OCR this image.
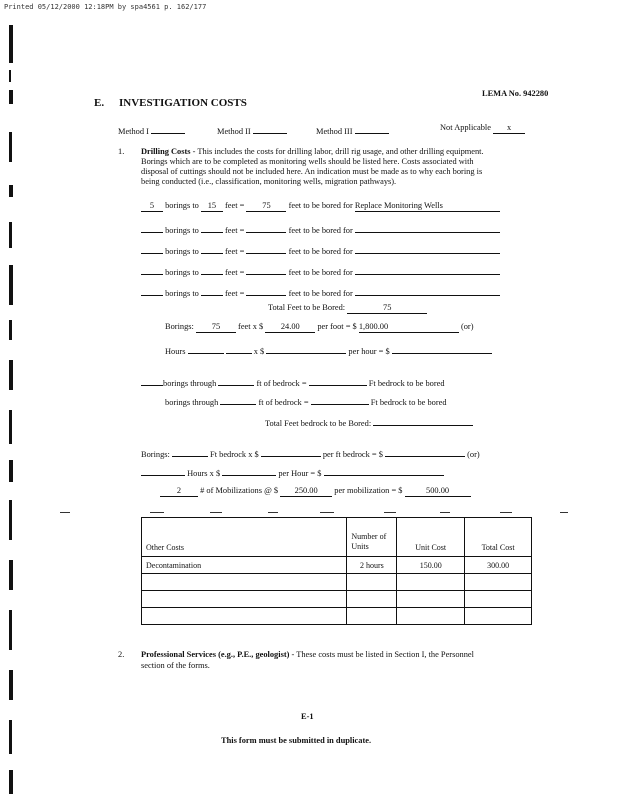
Printed 05/12/2000 12:18PM by spa4561 p. 162/177
LEMA No. 942280
E. INVESTIGATION COSTS
Method I	Method II	Method III	Not Applicable x
1. Drilling Costs - This includes the costs for drilling labor, drill rig usage, and other drilling equipment.
Borings which are to be completed as monitoring wells should be listed here. Costs associated with
disposal of cuttings should not be included here. An indication must be made as to why each boring is
being conducted (i.e., classification, monitoring wells, migration pathways).
5 borings to 15 feet = 75 feet to be bored for Replace Monitoring Wells
borings to	feet =	feet to be bored for
borings to	feet =	feet to be bored for
borings to	feet =	feet to be bored for
borings to	feet =	feet to be bored for
Total Feet to be Bored:	75
Borings: 75 feet x $ 24.00 per foot = $ 1,800.00	(or)
Hours	x $	per hour = $
borings through	ft of bedrock =	Ft bedrock to be bored
borings through	ft of bedrock =	Ft bedrock to be bored
Total Feet bedrock to be Bored:
Borings:	Ft bedrock x $	per ft bedrock = $	(or)
Hours x $	per Hour = $
2 # of Mobilizations @ $ 250.00 per mobilization = $	500.00
Other Costs	Number of Units	Unit Cost	Total Cost
Decontamination	2 hours	150.00	300.00

2. Professional Services (e.g., P.E., geologist) - These costs must be listed in Section I, the Personnel
section of the forms.
E-1
This form must be submitted in duplicate.
